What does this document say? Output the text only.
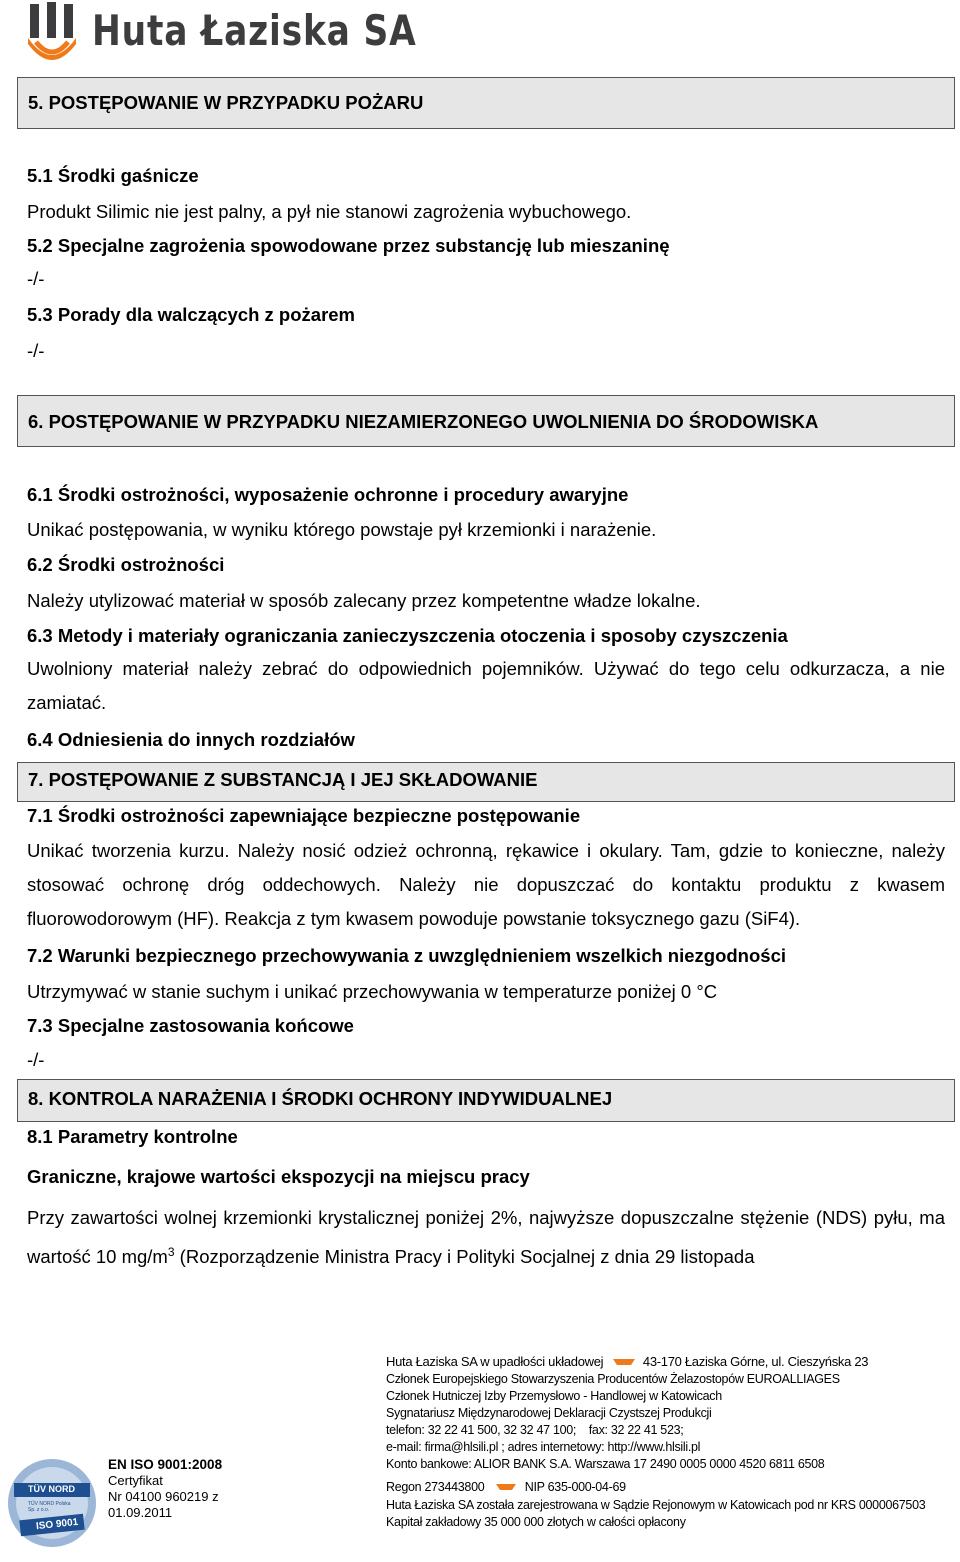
Huta Łaziska SA
5. POSTĘPOWANIE W PRZYPADKU POŻARU
5.1 Środki gaśnicze
Produkt Silimic nie jest palny, a pył nie stanowi zagrożenia wybuchowego.
5.2 Specjalne zagrożenia spowodowane przez substancję lub mieszaninę
-/-
5.3 Porady dla walczących z pożarem
-/-
6. POSTĘPOWANIE W PRZYPADKU NIEZAMIERZONEGO UWOLNIENIA DO ŚRODOWISKA
6.1 Środki ostrożności, wyposażenie ochronne i procedury awaryjne
Unikać postępowania, w wyniku którego powstaje pył krzemionki i narażenie.
6.2 Środki ostrożności
Należy utylizować materiał w sposób zalecany przez kompetentne władze lokalne.
6.3 Metody i materiały ograniczania zanieczyszczenia otoczenia i sposoby czyszczenia
Uwolniony materiał należy zebrać do odpowiednich pojemników. Używać do tego celu odkurzacza, a nie zamiatać.
6.4 Odniesienia do innych rozdziałów
7. POSTĘPOWANIE Z SUBSTANCJĄ I JEJ SKŁADOWANIE
7.1 Środki ostrożności zapewniające bezpieczne postępowanie
Unikać tworzenia kurzu. Należy nosić odzież ochronną, rękawice i okulary. Tam, gdzie to konieczne, należy stosować ochronę dróg oddechowych. Należy nie dopuszczać do kontaktu produktu z kwasem fluorowodorowym (HF). Reakcja z tym kwasem powoduje powstanie toksycznego gazu (SiF4).
7.2 Warunki bezpiecznego przechowywania z uwzględnieniem wszelkich niezgodności
Utrzymywać w stanie suchym i unikać przechowywania w temperaturze poniżej 0 °C
7.3 Specjalne zastosowania końcowe
-/-
8. KONTROLA NARAŻENIA I ŚRODKI OCHRONY INDYWIDUALNEJ
8.1 Parametry kontrolne
Graniczne, krajowe wartości ekspozycji na miejscu pracy
Przy zawartości wolnej krzemionki krystalicznej poniżej 2%, najwyższe dopuszczalne stężenie (NDS) pyłu, ma wartość 10 $mg/m^3$ (Rozporządzenie Ministra Pracy i Polityki Socjalnej z dnia 29 listopada
TÜV NORD
TÜV NORD Polska Sp. z o.o.
ISO 9001
EN ISO 9001:2008
Certyfikat
Nr 04100 960219 z
01.09.2011
Huta Łaziska SA w upadłości układowej	43-170 Łaziska Górne, ul. Cieszyńska 23
Członek Europejskiego Stowarzyszenia Producentów Żelazostopów EUROALLIAGES
Członek Hutniczej Izby Przemysłowo - Handlowej w Katowicach
Sygnatariusz Międzynarodowej Deklaracji Czystszej Produkcji
telefon: 32 22 41 500, 32 32 47 100;    fax: 32 22 41 523;
e-mail: firma@hlsili.pl ; adres internetowy: http://www.hlsili.pl
Konto bankowe: ALIOR BANK S.A. Warszawa 17 2490 0005 0000 4520 6811 6508
Regon 273443800	NIP 635-000-04-69
Huta Łaziska SA została zarejestrowana w Sądzie Rejonowym w Katowicach pod nr KRS 0000067503
Kapitał zakładowy 35 000 000 złotych w całości opłacony
